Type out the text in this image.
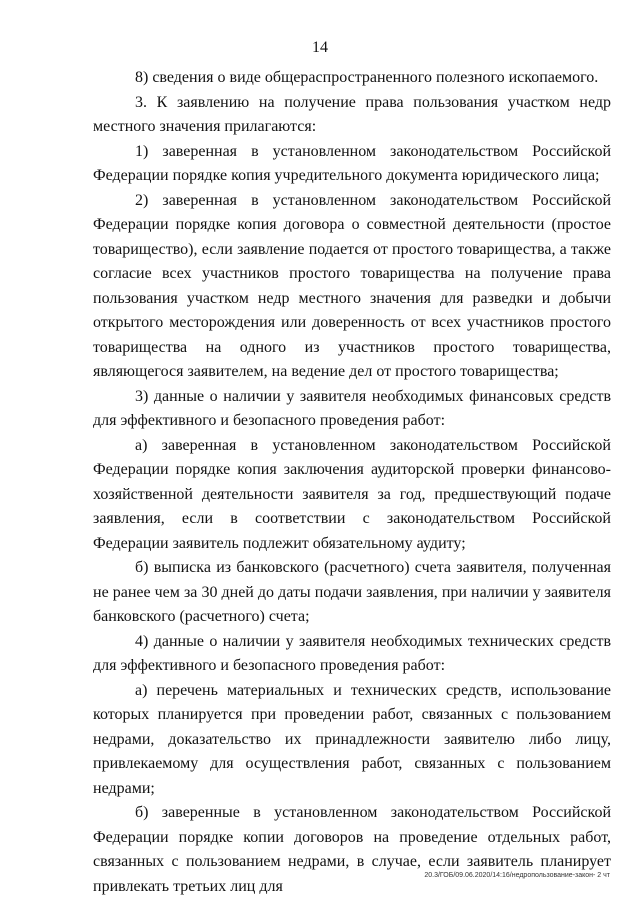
14

8) сведения о виде общераспространенного полезного ископаемого.

3. К заявлению на получение права пользования участком недр местного значения прилагаются:

1) заверенная в установленном законодательством Российской Федерации порядке копия учредительного документа юридического лица;

2) заверенная в установленном законодательством Российской Федерации порядке копия договора о совместной деятельности (простое товарищество), если заявление подается от простого товарищества, а также согласие всех участников простого товарищества на получение права пользования участком недр местного значения для разведки и добычи открытого месторождения или доверенность от всех участников простого товарищества на одного из участников простого товарищества, являющегося заявителем, на ведение дел от простого товарищества;

3) данные о наличии у заявителя необходимых финансовых средств для эффективного и безопасного проведения работ:

а) заверенная в установленном законодательством Российской Федерации порядке копия заключения аудиторской проверки финансово-хозяйственной деятельности заявителя за год, предшествующий подаче заявления, если в соответствии с законодательством Российской Федерации заявитель подлежит обязательному аудиту;

б) выписка из банковского (расчетного) счета заявителя, полученная не ранее чем за 30 дней до даты подачи заявления, при наличии у заявителя банковского (расчетного) счета;

4) данные о наличии у заявителя необходимых технических средств для эффективного и безопасного проведения работ:

а) перечень материальных и технических средств, использование которых планируется при проведении работ, связанных с пользованием недрами, доказательство их принадлежности заявителю либо лицу, привлекаемому для осуществления работ, связанных с пользованием недрами;

б) заверенные в установленном законодательством Российской Федерации порядке копии договоров на проведение отдельных работ, связанных с пользованием недрами, в случае, если заявитель планирует привлекать третьих лиц для

20.3/ГОБ/09.06.2020/14:16/недропользование-закон- 2 чт
